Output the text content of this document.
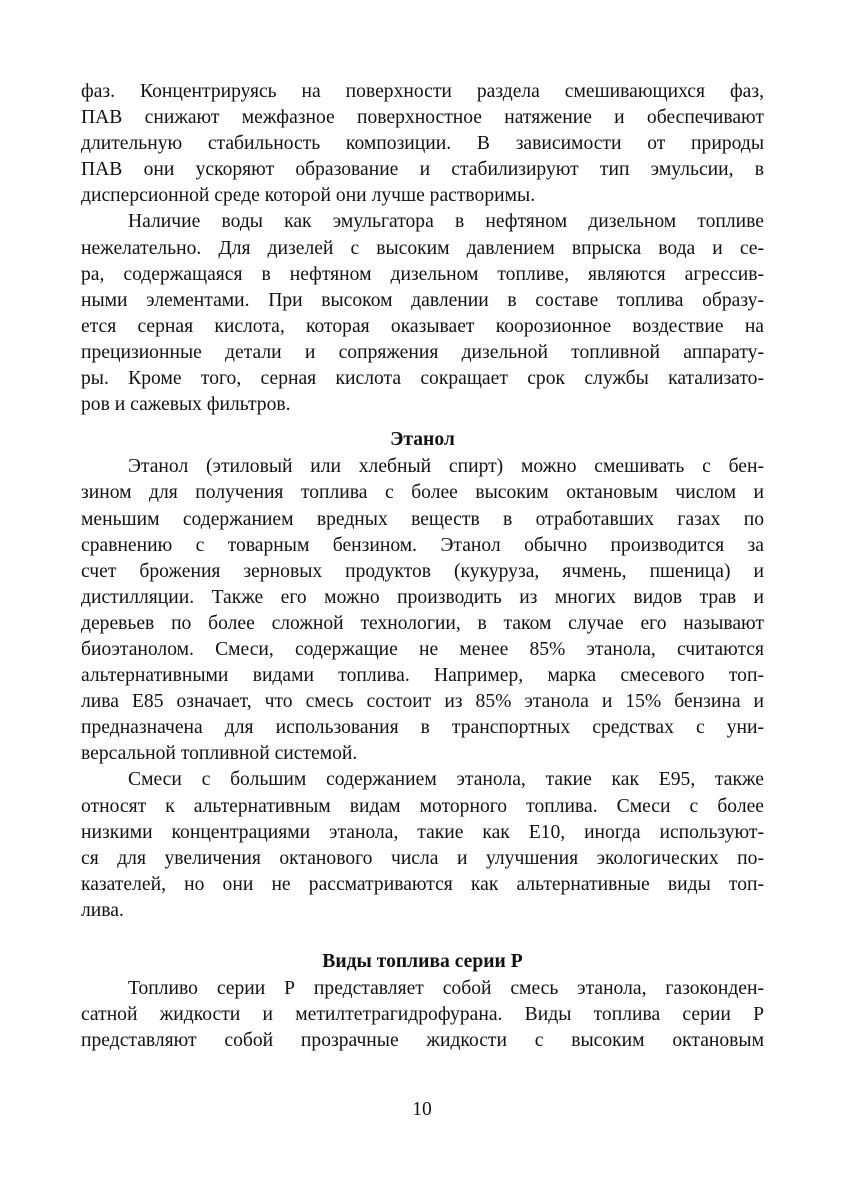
фаз. Концентрируясь на поверхности раздела смешивающихся фаз,
ПАВ снижают межфазное поверхностное натяжение и обеспечивают
длительную стабильность композиции. В зависимости от природы
ПАВ они ускоряют образование и стабилизируют тип эмульсии, в
дисперсионной среде которой они лучше растворимы.
Наличие воды как эмульгатора в нефтяном дизельном топливе
нежелательно. Для дизелей с высоким давлением впрыска вода и се-
ра, содержащаяся в нефтяном дизельном топливе, являются агрессив-
ными элементами. При высоком давлении в составе топлива образу-
ется серная кислота, которая оказывает коорозионное воздествие на
прецизионные детали и сопряжения дизельной топливной аппарату-
ры. Кроме того, серная кислота сокращает срок службы катализато-
ров и сажевых фильтров.
Этанол
Этанол (этиловый или хлебный спирт) можно смешивать с бен-
зином для получения топлива с более высоким октановым числом и
меньшим содержанием вредных веществ в отработавших газах по
сравнению с товарным бензином. Этанол обычно производится за
счет брожения зерновых продуктов (кукуруза, ячмень, пшеница) и
дистилляции. Также его можно производить из многих видов трав и
деревьев по более сложной технологии, в таком случае его называют
биоэтанолом. Смеси, содержащие не менее 85% этанола, считаются
альтернативными видами топлива. Например, марка смесевого топ-
лива Е85 означает, что смесь состоит из 85% этанола и 15% бензина и
предназначена для использования в транспортных средствах с уни-
версальной топливной системой.
Смеси с большим содержанием этанола, такие как Е95, также
относят к альтернативным видам моторного топлива. Смеси с более
низкими концентрациями этанола, такие как Е10, иногда используют-
ся для увеличения октанового числа и улучшения экологических по-
казателей, но они не рассматриваются как альтернативные виды топ-
лива.
Виды топлива серии Р
Топливо серии Р представляет собой смесь этанола, газоконден-
сатной жидкости и метилтетрагидрофурана. Виды топлива серии Р
представляют собой прозрачные жидкости с высоким октановым
10
